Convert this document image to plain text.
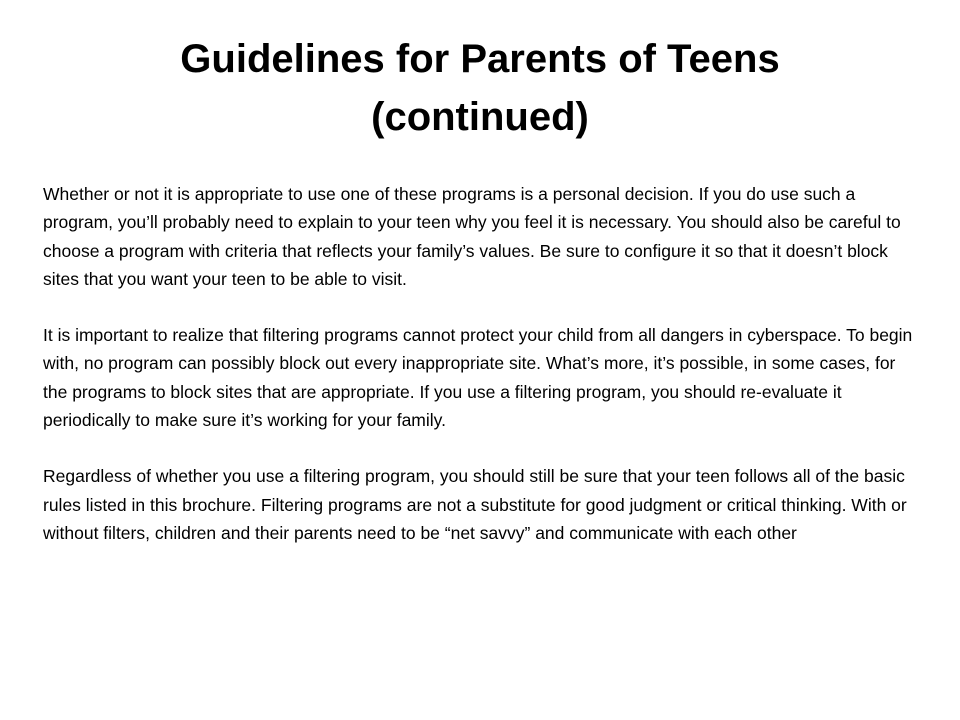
Guidelines for Parents of Teens
(continued)

Whether or not it is appropriate to use one of these programs is a personal decision. If you do use such a program, you’ll probably need to explain to your teen why you feel it is necessary. You should also be careful to choose a program with criteria that reflects your family’s values. Be sure to configure it so that it doesn’t block sites that you want your teen to be able to visit.

It is important to realize that filtering programs cannot protect your child from all dangers in cyberspace. To begin with, no program can possibly block out every inappropriate site. What’s more, it’s possible, in some cases, for the programs to block sites that are appropriate. If you use a filtering program, you should re-evaluate it periodically to make sure it’s working for your family.

Regardless of whether you use a filtering program, you should still be sure that your teen follows all of the basic rules listed in this brochure. Filtering programs are not a substitute for good judgment or critical thinking. With or without filters, children and their parents need to be “net savvy” and communicate with each other
